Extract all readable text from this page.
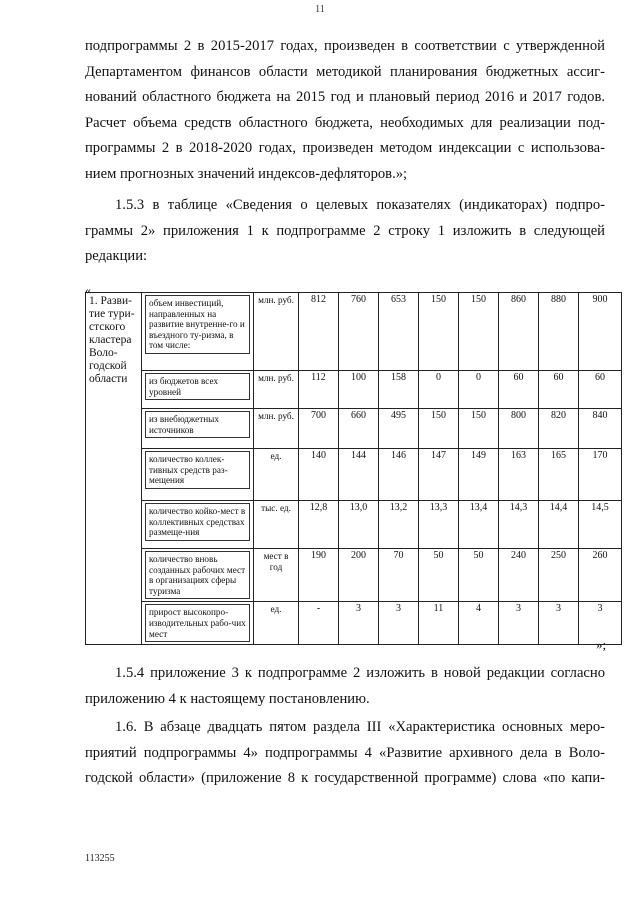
11

подпрограммы 2 в 2015-2017 годах, произведен в соответствии с утвержденной
Департаментом финансов области методикой планирования бюджетных ассиг-
нований областного бюджета на 2015 год и плановый период 2016 и 2017 годов.
Расчет объема средств областного бюджета, необходимых для реализации под-
программы 2 в 2018-2020 годах, произведен методом индексации с использова-
нием прогнозных значений индексов-дефляторов.»;

1.5.3 в таблице «Сведения о целевых показателях (индикаторах) подпро-
граммы 2» приложения 1 к подпрограмме 2 строку 1 изложить в следующей
редакции:

«
1. Разви-тие тури-стского кластера Воло-годской области	объем инвестиций, направленных на развитие внутренне-го и въездного ту-ризма, в том числе:	млн. руб.	812	760	653	150	150	860	880	900

	из бюджетов всех уровней	млн. руб.	112	100	158	0	0	60	60	60

	из внебюджетных источников	млн. руб.	700	660	495	150	150	800	820	840

	количество коллек-тивных средств раз-мещения	ед.	140	144	146	147	149	163	165	170

	количество койко-мест в коллективных средствах размеще-ния	тыс. ед.	12,8	13,0	13,2	13,3	13,4	14,3	14,4	14,5

	количество вновь созданных рабочих мест в организациях сферы туризма	мест в год	190	200	70	50	50	240	250	260

	прирост высокопро-изводительных рабо-чих мест	ед.	-	3	3	11	4	3	3	3
»;

1.5.4 приложение 3 к подпрограмме 2 изложить в новой редакции согласно
приложению 4 к настоящему постановлению.

1.6. В абзаце двадцать пятом раздела III «Характеристика основных меро-
приятий подпрограммы 4» подпрограммы 4 «Развитие архивного дела в Воло-
годской области» (приложение 8 к государственной программе) слова «по капи-

113255
